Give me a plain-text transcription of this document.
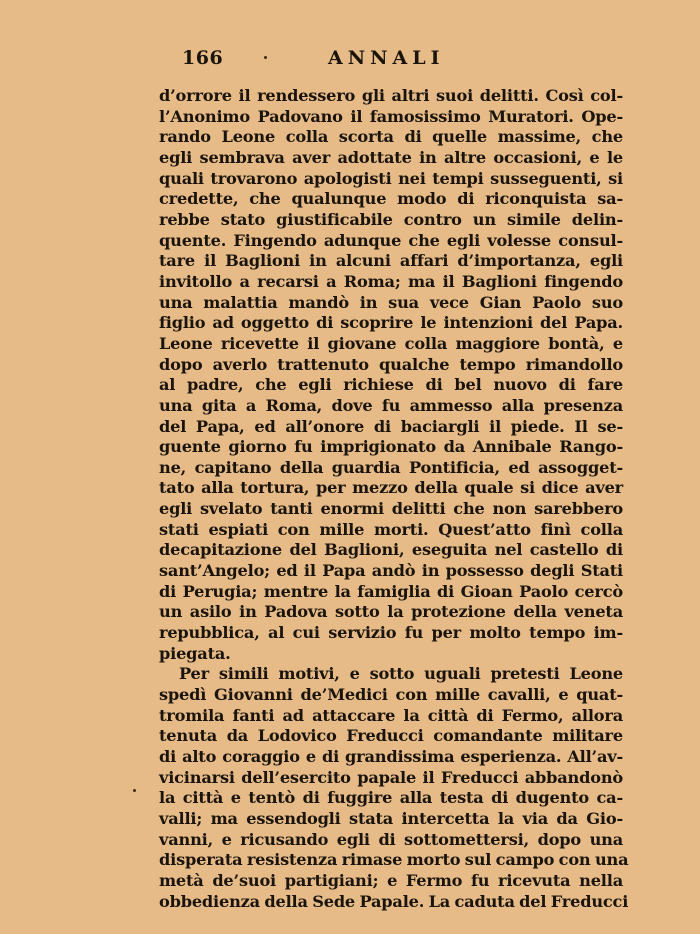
166	ANNALI
d’orrore il rendessero gli altri suoi delitti. Così col-
l’Anonimo Padovano il famosissimo Muratori. Ope-
rando Leone colla scorta di quelle massime, che
egli sembrava aver adottate in altre occasioni, e le
quali trovarono apologisti nei tempi susseguenti, si
credette, che qualunque modo di riconquista sa-
rebbe stato giustificabile contro un simile delin-
quente. Fingendo adunque che egli volesse consul-
tare il Baglioni in alcuni affari d’importanza, egli
invitollo a recarsi a Roma; ma il Baglioni fingendo
una malattia mandò in sua vece Gian Paolo suo
figlio ad oggetto di scoprire le intenzioni del Papa.
Leone ricevette il giovane colla maggiore bontà, e
dopo averlo trattenuto qualche tempo rimandollo
al padre, che egli richiese di bel nuovo di fare
una gita a Roma, dove fu ammesso alla presenza
del Papa, ed all’onore di baciargli il piede. Il se-
guente giorno fu imprigionato da Annibale Rango-
ne, capitano della guardia Pontificia, ed assogget-
tato alla tortura, per mezzo della quale si dice aver
egli svelato tanti enormi delitti che non sarebbero
stati espiati con mille morti. Quest’atto finì colla
decapitazione del Baglioni, eseguita nel castello di
sant’Angelo; ed il Papa andò in possesso degli Stati
di Perugia; mentre la famiglia di Gioan Paolo cercò
un asilo in Padova sotto la protezione della veneta
repubblica, al cui servizio fu per molto tempo im-
piegata.
Per simili motivi, e sotto uguali pretesti Leone
spedì Giovanni de’Medici con mille cavalli, e quat-
tromila fanti ad attaccare la città di Fermo, allora
tenuta da Lodovico Freducci comandante militare
di alto coraggio e di grandissima esperienza. All’av-
vicinarsi dell’esercito papale il Freducci abbandonò
la città e tentò di fuggire alla testa di dugento ca-
valli; ma essendogli stata intercetta la via da Gio-
vanni, e ricusando egli di sottomettersi, dopo una
disperata resistenza rimase morto sul campo con una
metà de’suoi partigiani; e Fermo fu ricevuta nella
obbedienza della Sede Papale. La caduta del Freducci
